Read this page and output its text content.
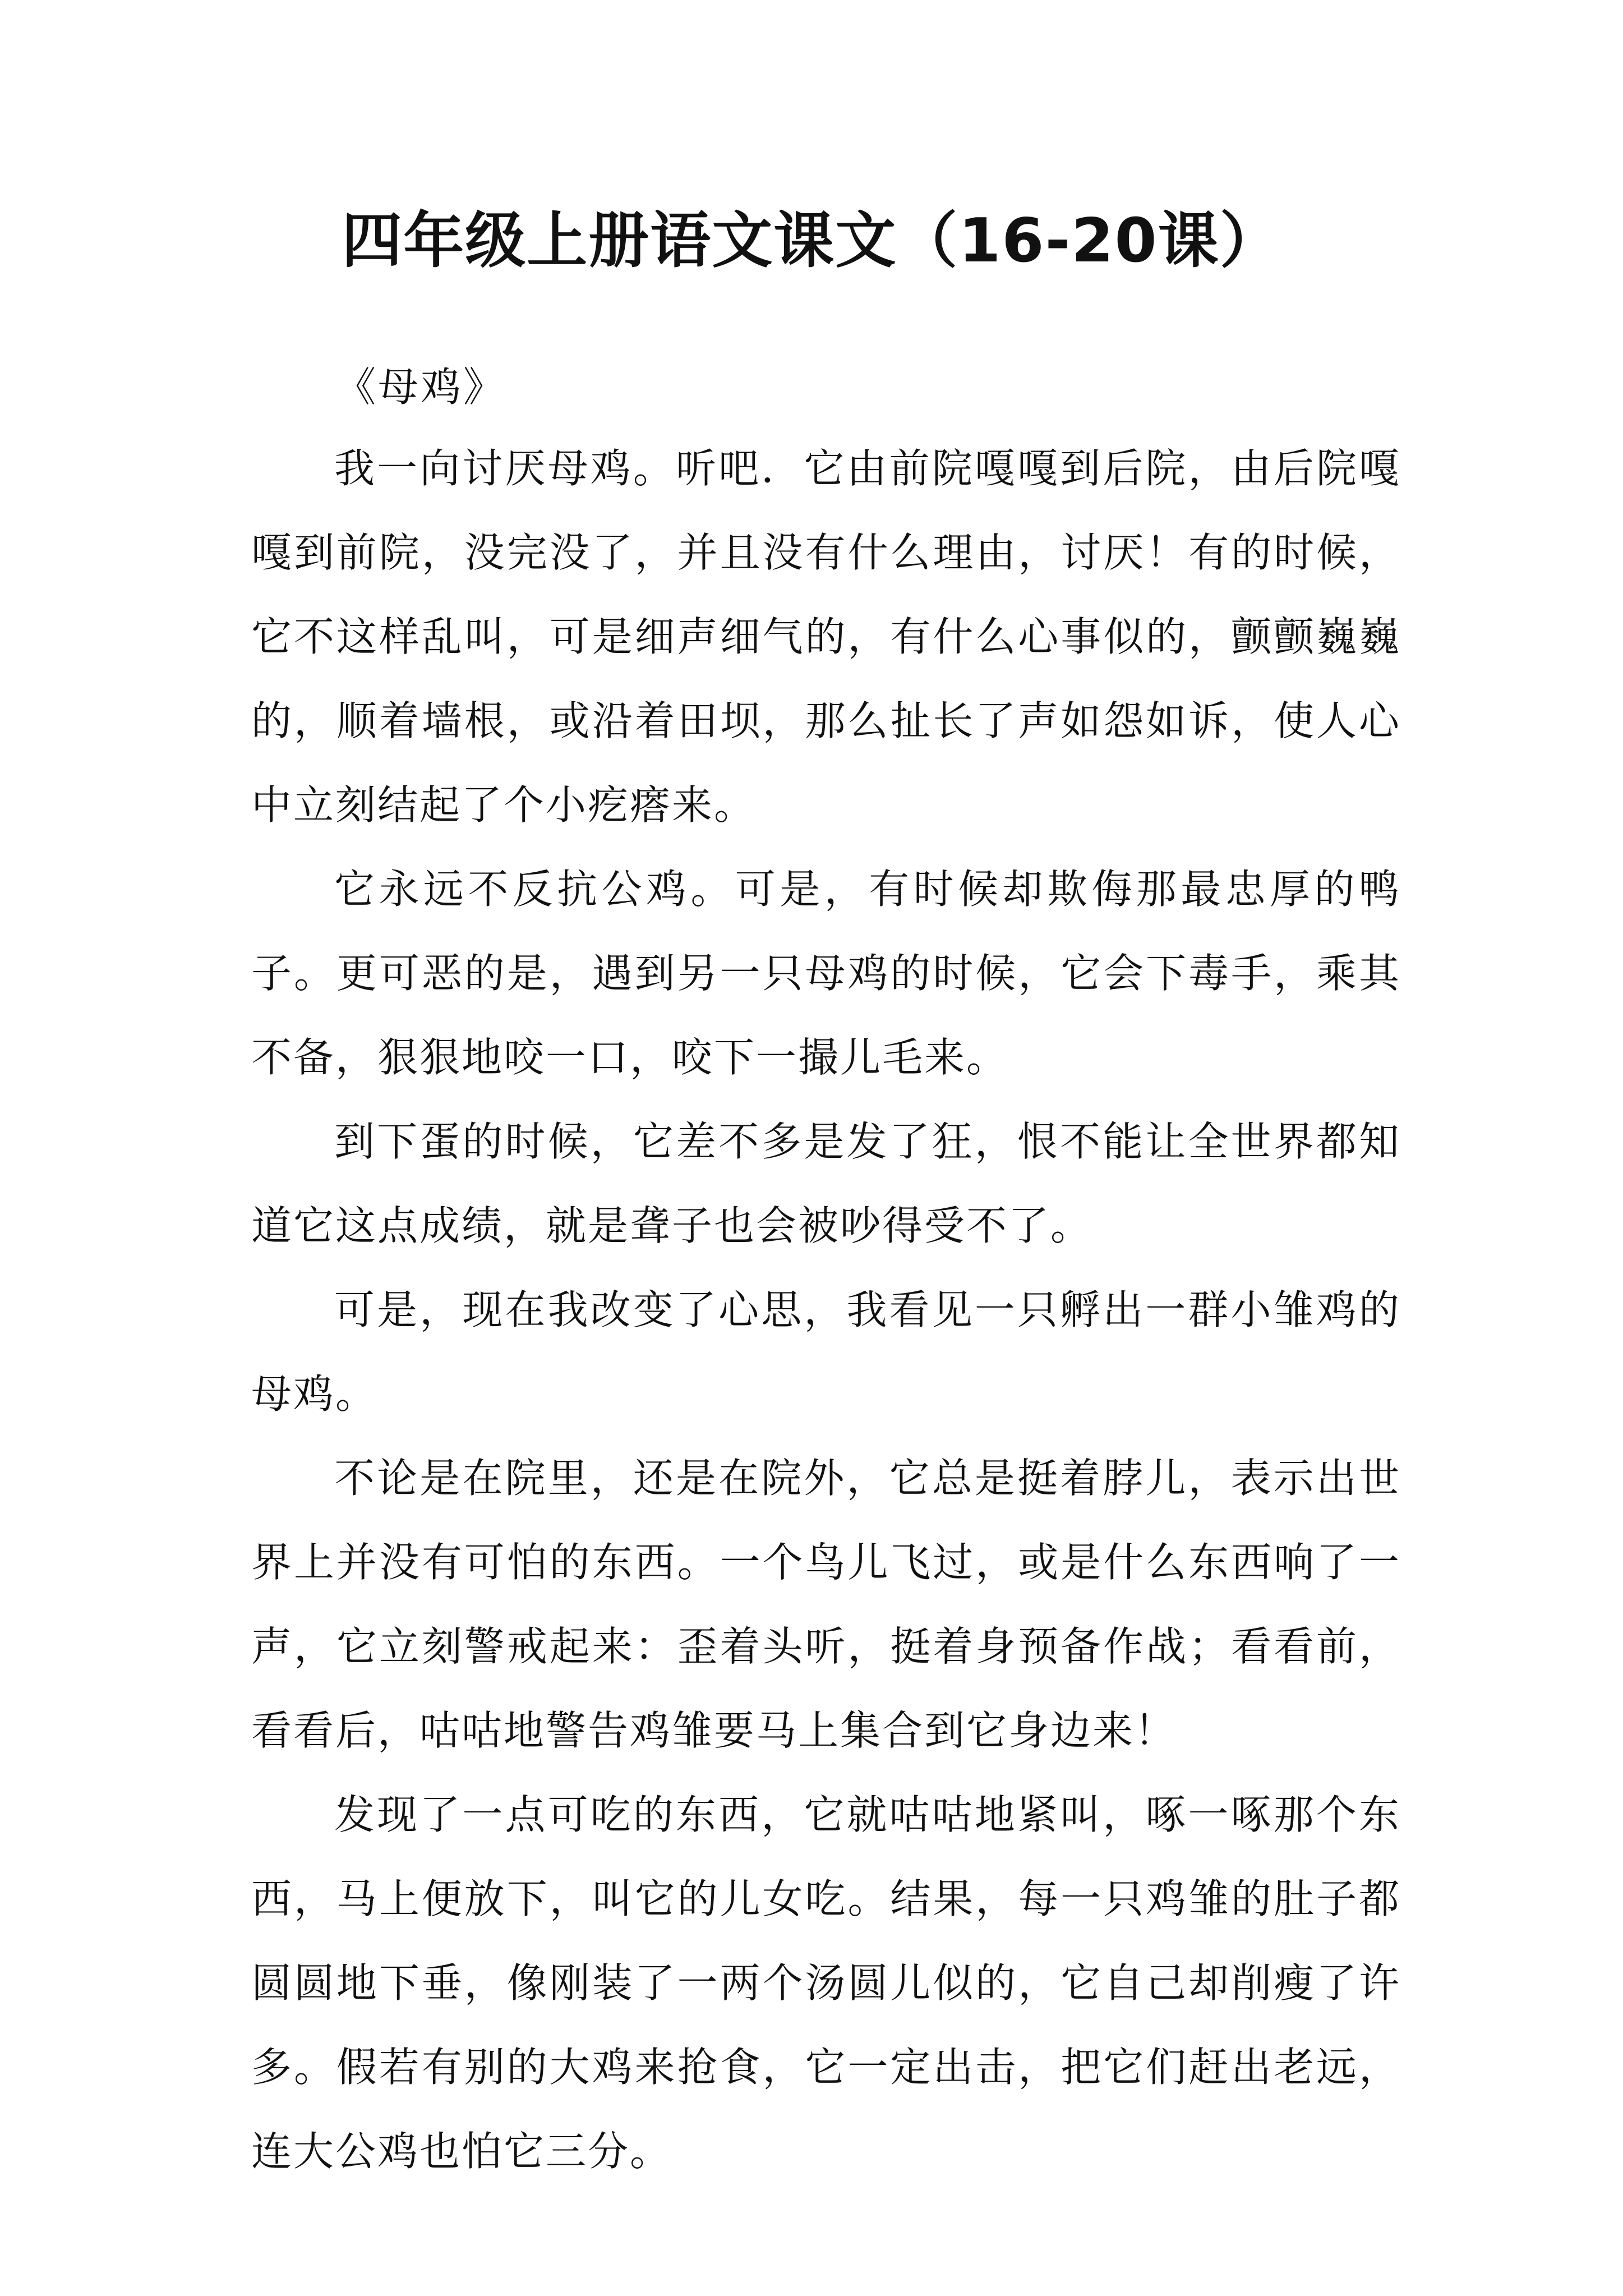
四年级上册语文课文（16-20课）

《母鸡》

我一向讨厌母鸡。听吧．它由前院嘎嘎到后院，由后院嘎嘎到前院，没完没了，并且没有什么理由，讨厌！有的时候，它不这样乱叫，可是细声细气的，有什么心事似的，颤颤巍巍的，顺着墙根，或沿着田坝，那么扯长了声如怨如诉，使人心中立刻结起了个小疙瘩来。

它永远不反抗公鸡。可是，有时候却欺侮那最忠厚的鸭子。更可恶的是，遇到另一只母鸡的时候，它会下毒手，乘其不备，狠狠地咬一口，咬下一撮儿毛来。

到下蛋的时候，它差不多是发了狂，恨不能让全世界都知道它这点成绩，就是聋子也会被吵得受不了。

可是，现在我改变了心思，我看见一只孵出一群小雏鸡的母鸡。

不论是在院里，还是在院外，它总是挺着脖儿，表示出世界上并没有可怕的东西。一个鸟儿飞过，或是什么东西响了一声，它立刻警戒起来：歪着头听，挺着身预备作战；看看前，看看后，咕咕地警告鸡雏要马上集合到它身边来！

发现了一点可吃的东西，它就咕咕地紧叫，啄一啄那个东西，马上便放下，叫它的儿女吃。结果，每一只鸡雏的肚子都圆圆地下垂，像刚装了一两个汤圆儿似的，它自己却削瘦了许多。假若有别的大鸡来抢食，它一定出击，把它们赶出老远，连大公鸡也怕它三分。
